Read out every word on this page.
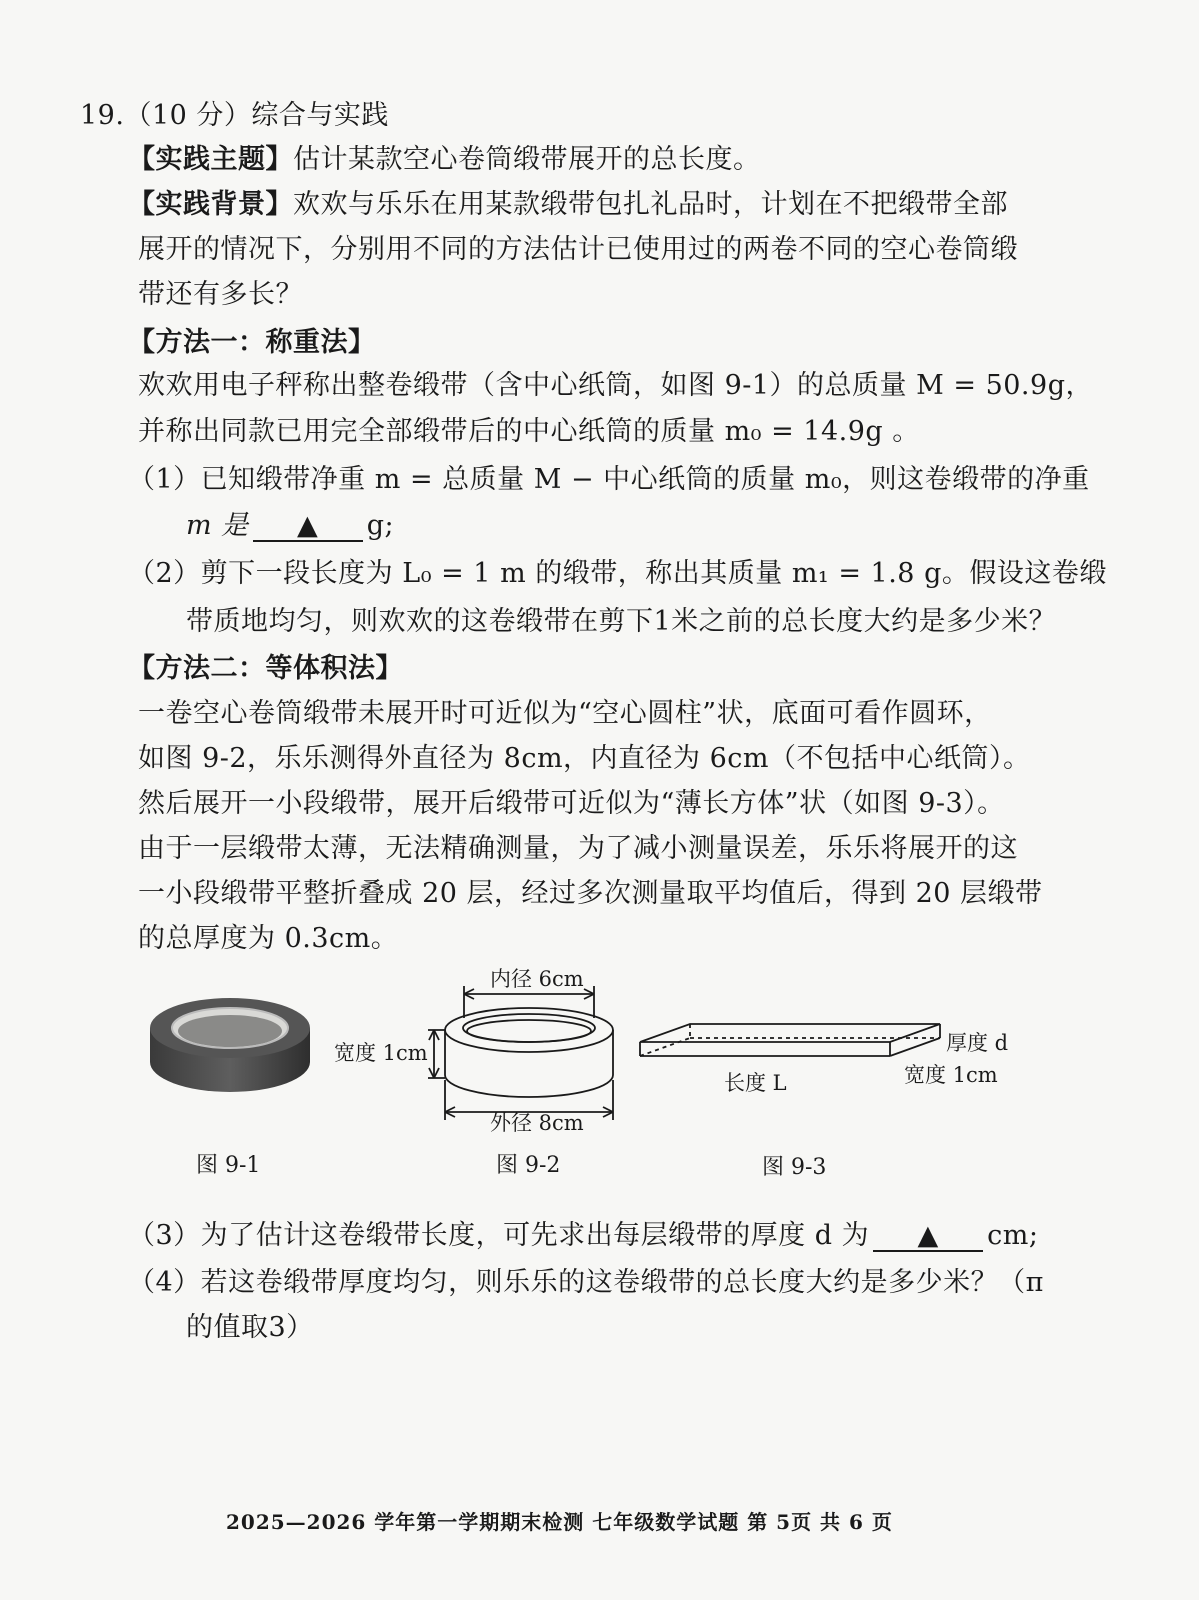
19.（10 分）综合与实践
【实践主题】估计某款空心卷筒缎带展开的总长度。
【实践背景】欢欢与乐乐在用某款缎带包扎礼品时，计划在不把缎带全部
展开的情况下，分别用不同的方法估计已使用过的两卷不同的空心卷筒缎
带还有多长？
【方法一：称重法】
欢欢用电子秤称出整卷缎带（含中心纸筒，如图 9-1）的总质量 M = 50.9g，
并称出同款已用完全部缎带后的中心纸筒的质量 m₀ = 14.9g 。
（1）已知缎带净重 m = 总质量 M − 中心纸筒的质量 m₀，则这卷缎带的净重
m 是 ▲ g;
（2）剪下一段长度为 L₀ = 1 m 的缎带，称出其质量 m₁ = 1.8 g。假设这卷缎
带质地均匀，则欢欢的这卷缎带在剪下1米之前的总长度大约是多少米？
【方法二：等体积法】
一卷空心卷筒缎带未展开时可近似为“空心圆柱”状，底面可看作圆环，
如图 9-2，乐乐测得外直径为 8cm，内直径为 6cm（不包括中心纸筒）。
然后展开一小段缎带，展开后缎带可近似为“薄长方体”状（如图 9-3）。
由于一层缎带太薄，无法精确测量，为了减小测量误差，乐乐将展开的这
一小段缎带平整折叠成 20 层，经过多次测量取平均值后，得到 20 层缎带
的总厚度为 0.3cm。
图 9-1
内径 6cm
宽度 1cm
外径 8cm
图 9-2
厚度 d
长度 L	宽度 1cm
图 9-3
（3）为了估计这卷缎带长度，可先求出每层缎带的厚度 d 为 ▲ cm;
（4）若这卷缎带厚度均匀，则乐乐的这卷缎带的总长度大约是多少米？（π
的值取3）
2025—2026 学年第一学期期末检测 七年级数学试题 第 5页 共 6 页
